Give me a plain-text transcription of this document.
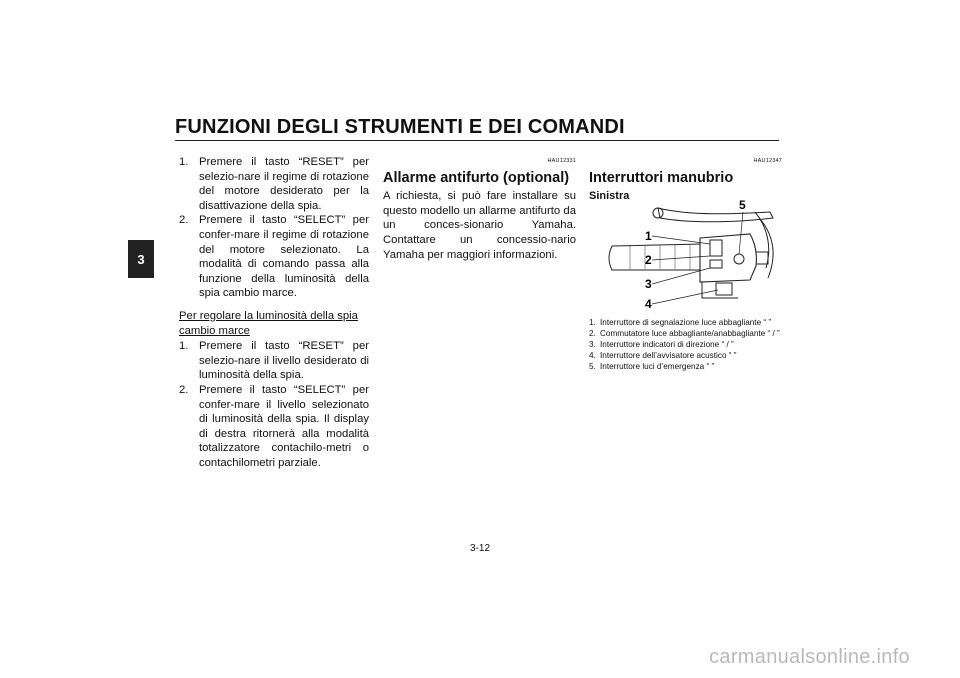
FUNZIONI DEGLI STRUMENTI E DEI COMANDI
3
1. Premere il tasto “RESET” per selezio-nare il regime di rotazione del motore desiderato per la disattivazione della spia.
2. Premere il tasto “SELECT” per confer-mare il regime di rotazione del motore selezionato. La modalità di comando passa alla funzione della luminosità della spia cambio marce.
Per regolare la luminosità della spia cambio marce
1. Premere il tasto “RESET” per selezio-nare il livello desiderato di luminosità della spia.
2. Premere il tasto “SELECT” per confer-mare il livello selezionato di luminosità della spia. Il display di destra ritornerà alla modalità totalizzatore contachilo-metri o contachilometri parziale.
HAU12331
Allarme antifurto (optional)
A richiesta, si può fare installare su questo modello un allarme antifurto da un conces-sionario Yamaha. Contattare un concessio-nario Yamaha per maggiori informazioni.
HAU12347
Interruttori manubrio
Sinistra
1
2
3
4
5
1. Interruttore di segnalazione luce abbagliante “ ”
2. Commutatore luce abbagliante/anabbagliante “ / ”
3. Interruttore indicatori di direzione “ / ”
4. Interruttore dell’avvisatore acustico “ ”
5. Interruttore luci d’emergenza “ ”
3-12
carmanualsonline.info
